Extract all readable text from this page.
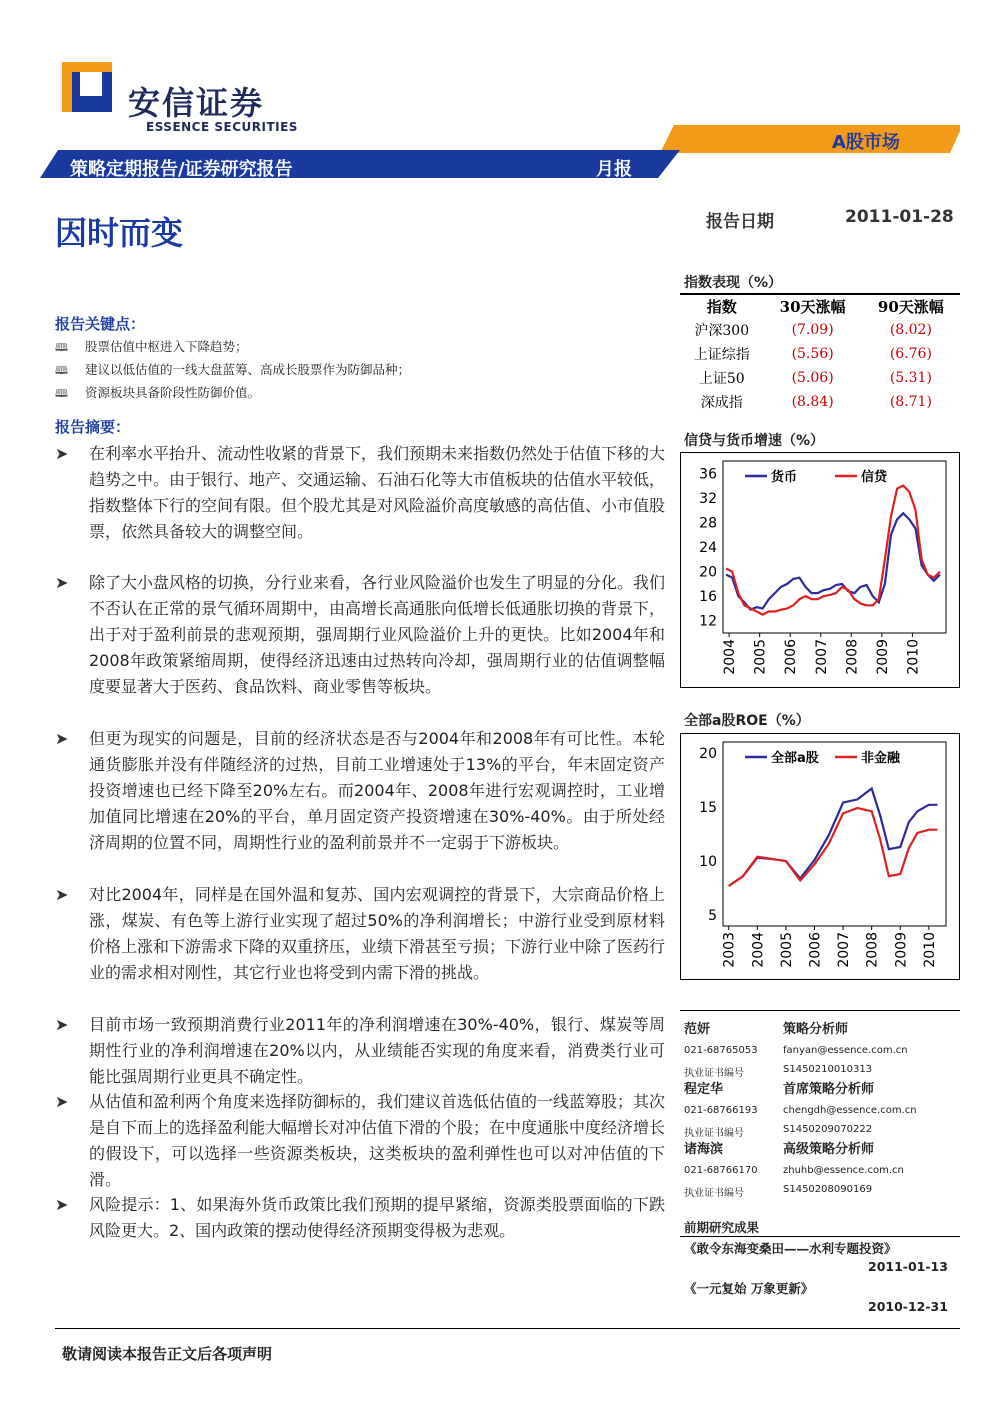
安信证券
ESSENCE SECURITIES
A股市场
策略定期报告/证券研究报告	月报
因时而变	报告日期	2011-01-28
报告关键点：
🕮 股票估值中枢进入下降趋势；
🕮 建议以低估值的一线大盘蓝筹、高成长股票作为防御品种；
🕮 资源板块具备阶段性防御价值。
报告摘要：
➤ 在利率水平抬升、流动性收紧的背景下，我们预期未来指数仍然处于估值下移的大趋势之中。由于银行、地产、交通运输、石油石化等大市值板块的估值水平较低，指数整体下行的空间有限。但个股尤其是对风险溢价高度敏感的高估值、小市值股票，依然具备较大的调整空间。
➤ 除了大小盘风格的切换，分行业来看，各行业风险溢价也发生了明显的分化。我们不否认在正常的景气循环周期中，由高增长高通胀向低增长低通胀切换的背景下，出于对于盈利前景的悲观预期，强周期行业风险溢价上升的更快。比如2004年和2008年政策紧缩周期，使得经济迅速由过热转向冷却，强周期行业的估值调整幅度要显著大于医药、食品饮料、商业零售等板块。
➤ 但更为现实的问题是，目前的经济状态是否与2004年和2008年有可比性。本轮通货膨胀并没有伴随经济的过热，目前工业增速处于13%的平台，年末固定资产投资增速也已经下降至20%左右。而2004年、2008年进行宏观调控时，工业增加值同比增速在20%的平台，单月固定资产投资增速在30%-40%。由于所处经济周期的位置不同，周期性行业的盈利前景并不一定弱于下游板块。
➤ 对比2004年，同样是在国外温和复苏、国内宏观调控的背景下，大宗商品价格上涨，煤炭、有色等上游行业实现了超过50%的净利润增长；中游行业受到原材料价格上涨和下游需求下降的双重挤压，业绩下滑甚至亏损；下游行业中除了医药行业的需求相对刚性，其它行业也将受到内需下滑的挑战。
➤ 目前市场一致预期消费行业2011年的净利润增速在30%-40%，银行、煤炭等周期性行业的净利润增速在20%以内，从业绩能否实现的角度来看，消费类行业可能比强周期行业更具不确定性。
➤ 从估值和盈利两个角度来选择防御标的，我们建议首选低估值的一线蓝筹股；其次是自下而上的选择盈利能大幅增长对冲估值下滑的个股；在中度通胀中度经济增长的假设下，可以选择一些资源类板块，这类板块的盈利弹性也可以对冲估值的下滑。
➤ 风险提示：1、如果海外货币政策比我们预期的提早紧缩，资源类股票面临的下跌风险更大。2、国内政策的摆动使得经济预期变得极为悲观。
指数表现（%）
指数	30天涨幅	90天涨幅
沪深300	(7.09)	(8.02)
上证综指	(5.56)	(6.76)
上证50	(5.06)	(5.31)
深成指	(8.84)	(8.71)
信贷与货币增速（%）
12
16
20
24
28
32
36
2004 2005 2006 2007 2008 2009 2010
货币	信贷
全部a股ROE（%）
5
10
15
20
2003 2004 2005 2006 2007 2008 2009 2010
全部a股	非金融
范妍	策略分析师
021-68765053	fanyan@essence.com.cn
执业证书编号	S1450210010313
程定华	首席策略分析师
021-68766193	chengdh@essence.com.cn
执业证书编号	S1450209070222
诸海滨	高级策略分析师
021-68766170	zhuhb@essence.com.cn
执业证书编号	S1450208090169
前期研究成果
《敢令东海变桑田——水利专题投资》
2011-01-13
《一元复始 万象更新》
2010-12-31
敬请阅读本报告正文后各项声明
